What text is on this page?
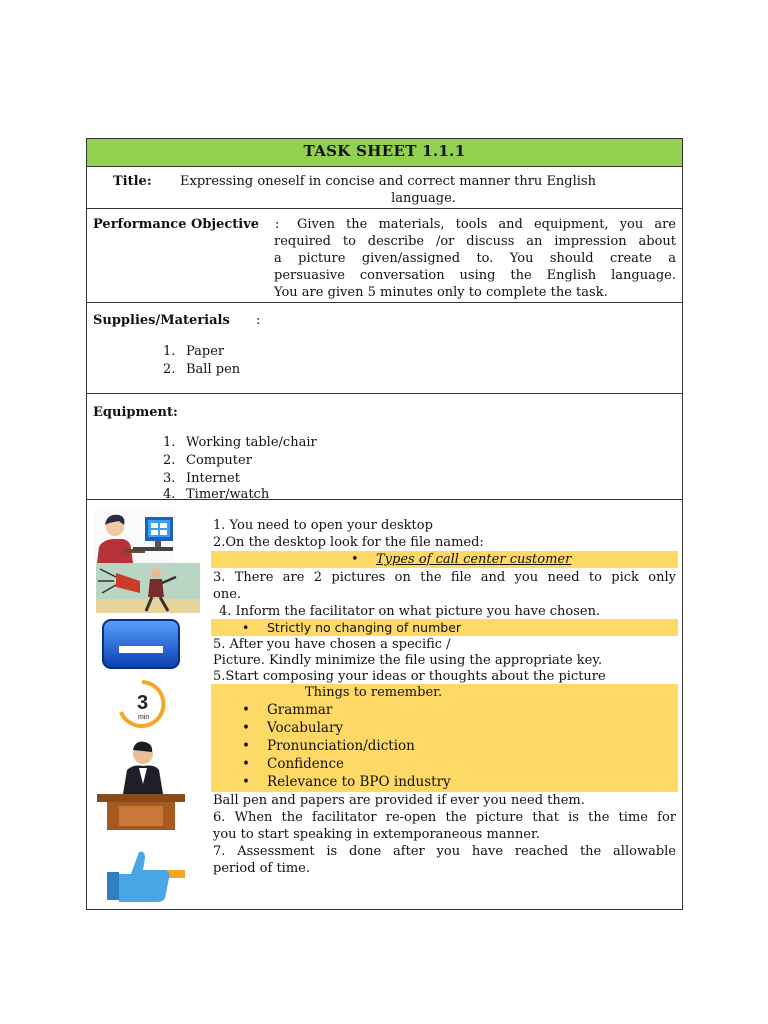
TASK SHEET 1.1.1
Title: Expressing oneself in concise and correct manner thru English
language.
Performance Objective : Given the materials, tools and equipment, you are
required to describe /or discuss an impression about
a picture given/assigned to. You should create a
persuasive conversation using the English language.
You are given 5 minutes only to complete the task.
Supplies/Materials :
1. Paper
2. Ball pen
Equipment:
1. Working table/chair
2. Computer
3. Internet
4. Timer/watch
3
min
1. You need to open your desktop
2.On the desktop look for the file named:
• Types of call center customer
3. There are 2 pictures on the file and you need to pick only
one.
4. Inform the facilitator on what picture you have chosen.
• Strictly no changing of number
5. After you have chosen a specific /
Picture. Kindly minimize the file using the appropriate key.
5.Start composing your ideas or thoughts about the picture
Things to remember.
• Grammar
• Vocabulary
• Pronunciation/diction
• Confidence
• Relevance to BPO industry
Ball pen and papers are provided if ever you need them.
6. When the facilitator re-open the picture that is the time for
you to start speaking in extemporaneous manner.
7. Assessment is done after you have reached the allowable
period of time.
